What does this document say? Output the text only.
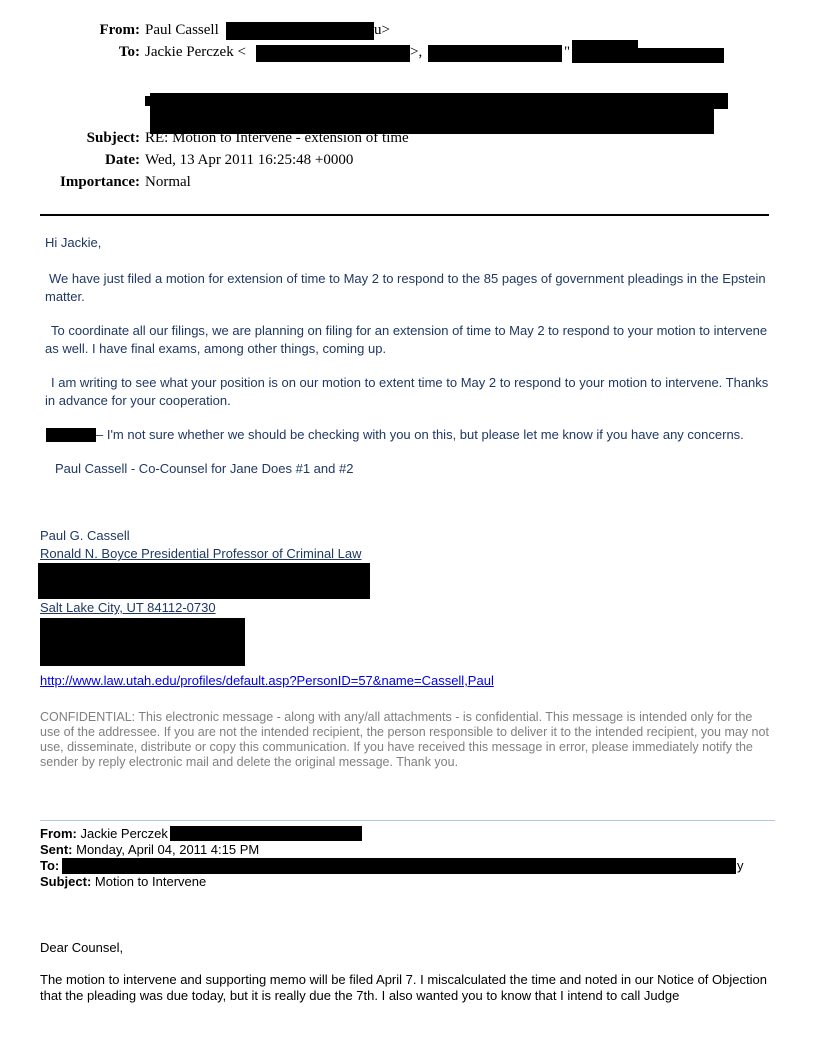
From: Paul Cassell	u>
To: Jackie Perczek <	>,	"
Subject: RE: Motion to Intervene - extension of time
Date: Wed, 13 Apr 2011 16:25:48 +0000
Importance: Normal
Hi Jackie,
We have just filed a motion for extension of time to May 2 to respond to the 85 pages of government pleadings in the Epstein matter.
To coordinate all our filings, we are planning on filing for an extension of time to May 2 to respond to your motion to intervene as well. I have final exams, among other things, coming up.
I am writing to see what your position is on our motion to extent time to May 2 to respond to your motion to intervene. Thanks in advance for your cooperation.
– I'm not sure whether we should be checking with you on this, but please let me know if you have any concerns.
Paul Cassell - Co-Counsel for Jane Does #1 and #2
Paul G. Cassell
Ronald N. Boyce Presidential Professor of Criminal Law
Salt Lake City, UT 84112-0730
http://www.law.utah.edu/profiles/default.asp?PersonID=57&name=Cassell,Paul
CONFIDENTIAL: This electronic message - along with any/all attachments - is confidential. This message is intended only for the use of the addressee. If you are not the intended recipient, the person responsible to deliver it to the intended recipient, you may not use, disseminate, distribute or copy this communication. If you have received this message in error, please immediately notify the sender by reply electronic mail and delete the original message. Thank you.
From: Jackie Perczek
Sent: Monday, April 04, 2011 4:15 PM
To:	y
Subject: Motion to Intervene
Dear Counsel,
The motion to intervene and supporting memo will be filed April 7. I miscalculated the time and noted in our Notice of Objection that the pleading was due today, but it is really due the 7th. I also wanted you to know that I intend to call Judge
